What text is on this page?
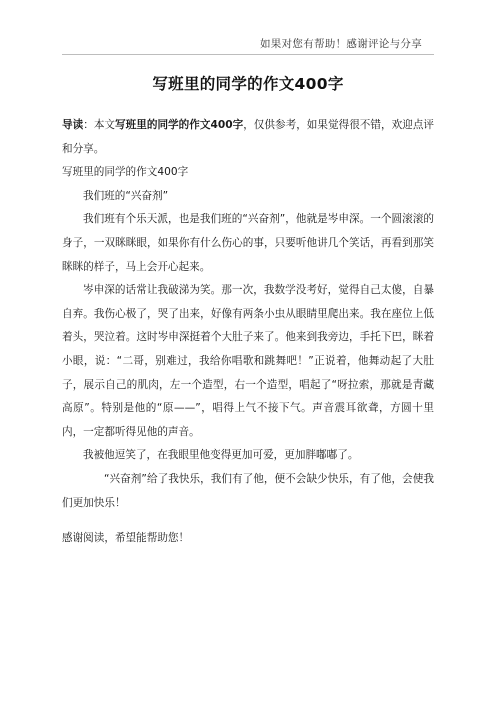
如果对您有帮助！感谢评论与分享
写班里的同学的作文400字

导读：本文写班里的同学的作文400字，仅供参考，如果觉得很不错，欢迎点评和分享。

写班里的同学的作文400字

我们班的“兴奋剂”

我们班有个乐天派，也是我们班的“兴奋剂”，他就是岑申深。一个圆滚滚的身子，一双眯眯眼，如果你有什么伤心的事，只要听他讲几个笑话，再看到那笑眯眯的样子，马上会开心起来。

岑申深的话常让我破涕为笑。那一次，我数学没考好，觉得自己太傻，自暴自弃。我伤心极了，哭了出来，好像有两条小虫从眼睛里爬出来。我在座位上低着头，哭泣着。这时岑申深挺着个大肚子来了。他来到我旁边，手托下巴，眯着小眼，说：“二哥，别难过，我给你唱歌和跳舞吧！”正说着，他舞动起了大肚子，展示自己的肌肉，左一个造型，右一个造型，唱起了“呀拉索，那就是青藏高原”。特别是他的“原——”，唱得上气不接下气。声音震耳欲聋，方圆十里内，一定都听得见他的声音。

我被他逗笑了，在我眼里他变得更加可爱，更加胖嘟嘟了。

“兴奋剂”给了我快乐，我们有了他，便不会缺少快乐，有了他，会使我们更加快乐！

感谢阅读，希望能帮助您！
